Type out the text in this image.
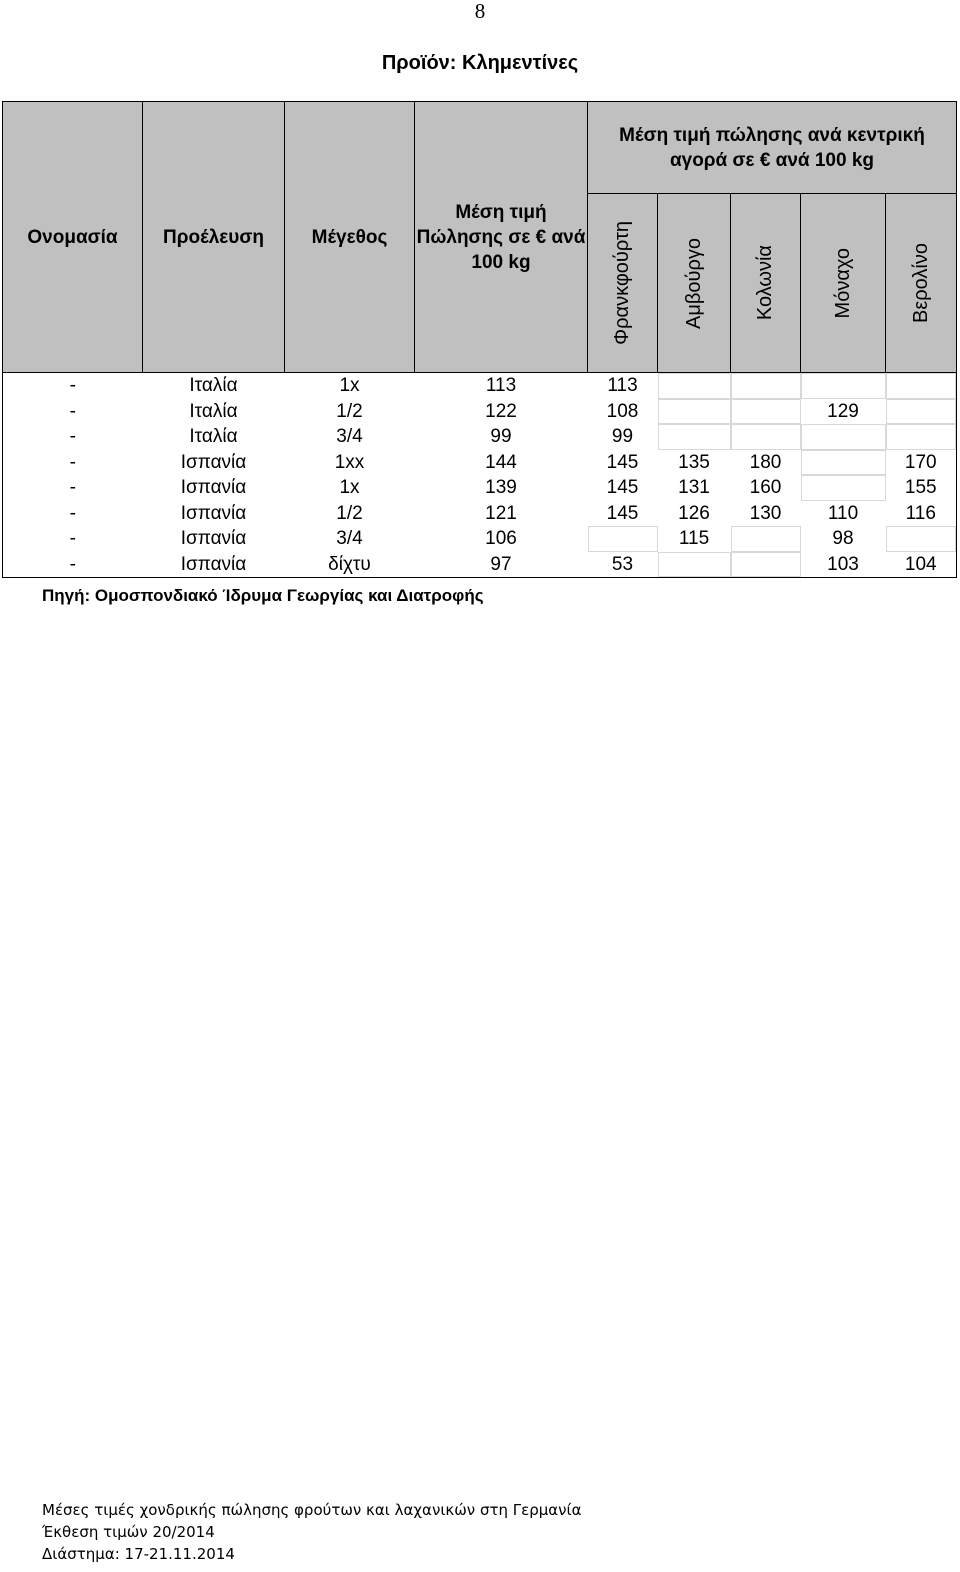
8
Προϊόν: Κλημεντίνες
Ονομασία	Προέλευση	Μέγεθος	Μέση τιμή Πώλησης σε € ανά 100 kg	Μέση τιμή πώλησης ανά κεντρική αγορά σε € ανά 100 kg				

				Φρανκφούρτη	Αμβούργο	Κολωνία	Μόναχο	Βερολίνο

-	Ιταλία	1x	113	113				
-	Ιταλία	1/2	122	108			129	
-	Ιταλία	3/4	99	99				
-	Ισπανία	1xx	144	145	135	180		170
-	Ισπανία	1x	139	145	131	160		155
-	Ισπανία	1/2	121	145	126	130	110	116
-	Ισπανία	3/4	106		115		98	
-	Ισπανία	δίχτυ	97	53			103	104
Πηγή: Ομοσπονδιακό Ίδρυμα Γεωργίας και Διατροφής
Μέσες τιμές χονδρικής πώλησης φρούτων και λαχανικών στη Γερμανία
Έκθεση τιμών 20/2014
Διάστημα: 17-21.11.2014
